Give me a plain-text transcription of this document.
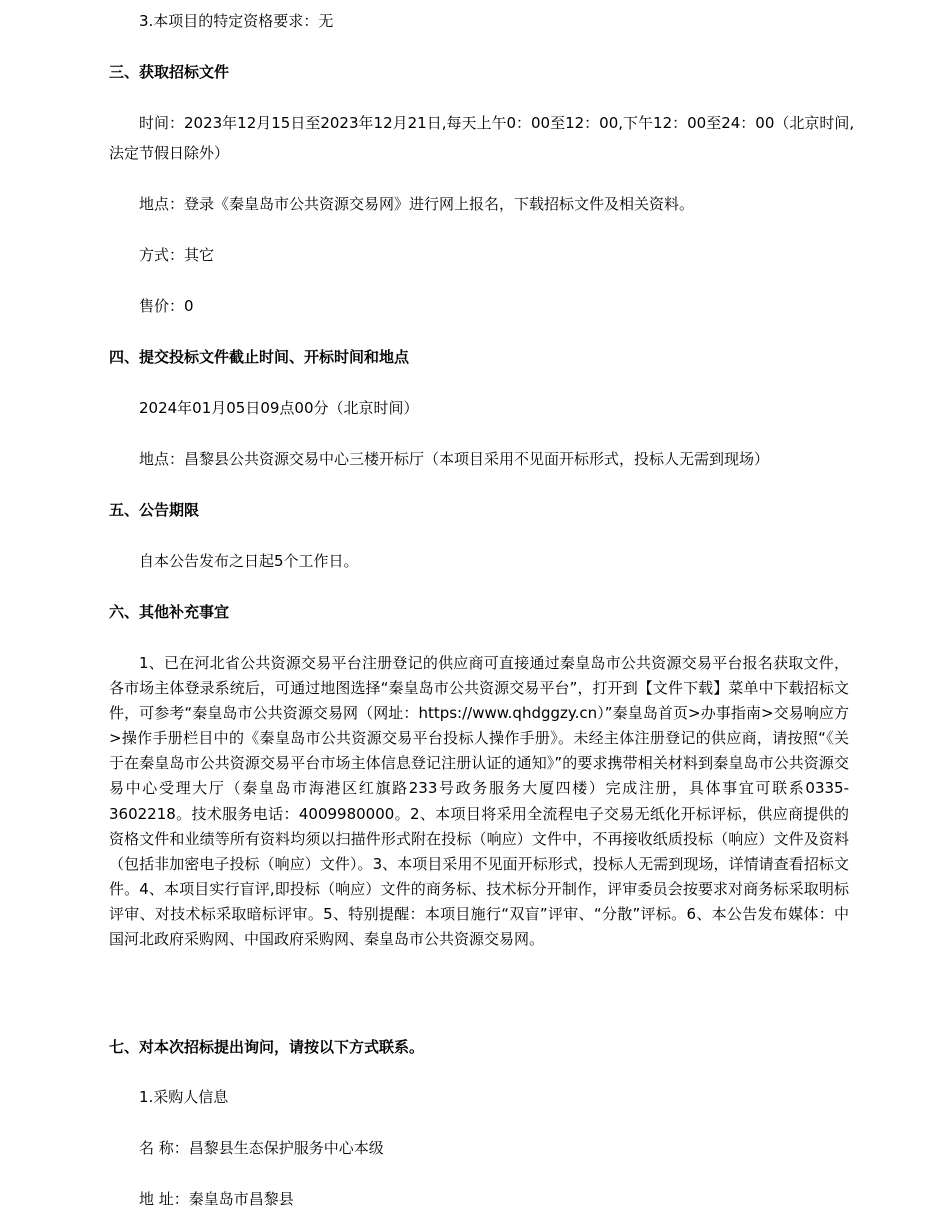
3.本项目的特定资格要求：无
三、获取招标文件
时间：2023年12月15日至2023年12月21日,每天上午0：00至12：00,下午12：00至24：00（北京时间,
法定节假日除外）
地点：登录《秦皇岛市公共资源交易网》进行网上报名，下载招标文件及相关资料。
方式：其它
售价：0
四、提交投标文件截止时间、开标时间和地点
2024年01月05日09点00分（北京时间）
地点：昌黎县公共资源交易中心三楼开标厅（本项目采用不见面开标形式，投标人无需到现场）
五、公告期限
自本公告发布之日起5个工作日。
六、其他补充事宜
1、已在河北省公共资源交易平台注册登记的供应商可直接通过秦皇岛市公共资源交易平台报名获取文件，各市场主体登录系统后，可通过地图选择“秦皇岛市公共资源交易平台”，打开到【文件下载】菜单中下载招标文件，可参考“秦皇岛市公共资源交易网（网址：https://www.qhdggzy.cn）”秦皇岛首页>办事指南>交易响应方>操作手册栏目中的《秦皇岛市公共资源交易平台投标人操作手册》。未经主体注册登记的供应商，请按照“《关于在秦皇岛市公共资源交易平台市场主体信息登记注册认证的通知》”的要求携带相关材料到秦皇岛市公共资源交易中心受理大厅（秦皇岛市海港区红旗路233号政务服务大厦四楼）完成注册，具体事宜可联系0335-3602218。技术服务电话：4009980000。2、本项目将采用全流程电子交易无纸化开标评标，供应商提供的资格文件和业绩等所有资料均须以扫描件形式附在投标（响应）文件中，不再接收纸质投标（响应）文件及资料（包括非加密电子投标（响应）文件）。3、本项目采用不见面开标形式，投标人无需到现场，详情请查看招标文件。4、本项目实行盲评,即投标（响应）文件的商务标、技术标分开制作，评审委员会按要求对商务标采取明标评审、对技术标采取暗标评审。5、特别提醒：本项目施行“双盲”评审、“分散”评标。6、本公告发布媒体：中国河北政府采购网、中国政府采购网、秦皇岛市公共资源交易网。
七、对本次招标提出询问，请按以下方式联系。
1.采购人信息
名 称：昌黎县生态保护服务中心本级
地 址：秦皇岛市昌黎县
